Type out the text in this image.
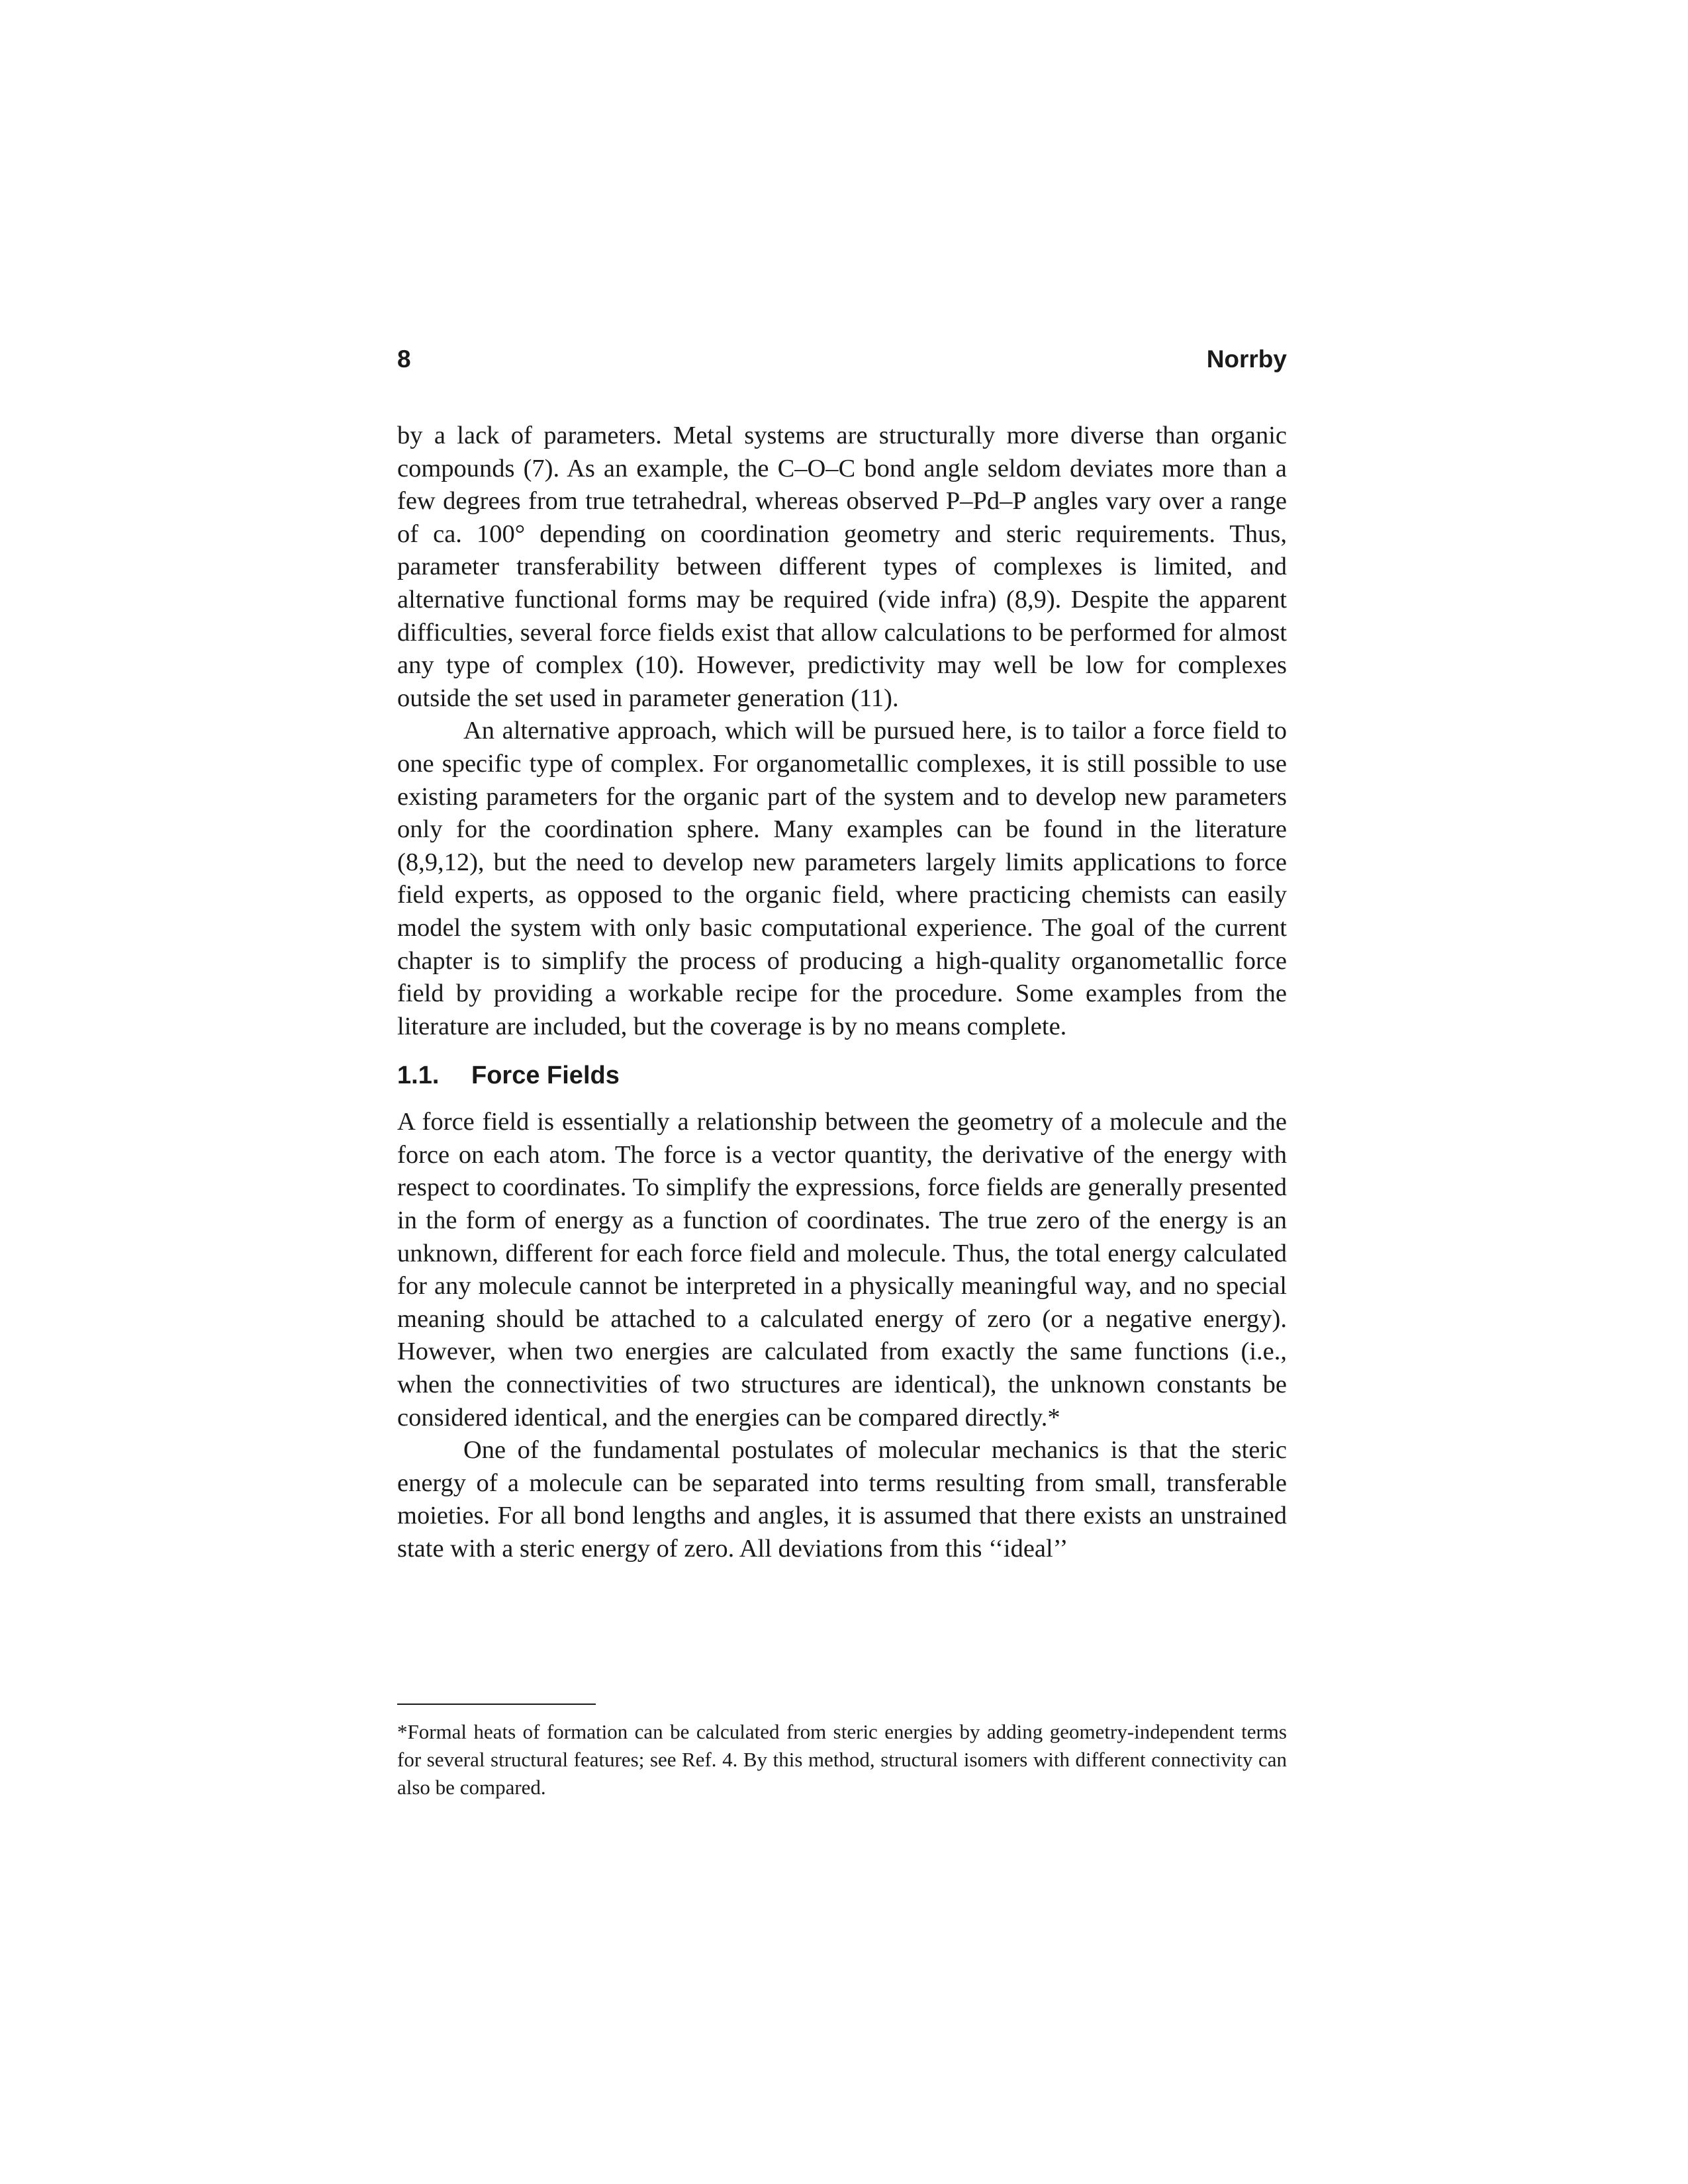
8	Norrby

by a lack of parameters. Metal systems are structurally more diverse than organic compounds (7). As an example, the C–O–C bond angle seldom deviates more than a few degrees from true tetrahedral, whereas observed P–Pd–P angles vary over a range of ca. 100° depending on coordination geometry and steric requirements. Thus, parameter transferability between different types of complexes is limited, and alternative functional forms may be required (vide infra) (8,9). Despite the apparent difficulties, several force fields exist that allow calculations to be performed for almost any type of complex (10). However, predictivity may well be low for complexes outside the set used in parameter generation (11).

An alternative approach, which will be pursued here, is to tailor a force field to one specific type of complex. For organometallic complexes, it is still possible to use existing parameters for the organic part of the system and to develop new parameters only for the coordination sphere. Many examples can be found in the literature (8,9,12), but the need to develop new parameters largely limits applications to force field experts, as opposed to the organic field, where practicing chemists can easily model the system with only basic computational experience. The goal of the current chapter is to simplify the process of producing a high-quality organometallic force field by providing a workable recipe for the procedure. Some examples from the literature are included, but the coverage is by no means complete.

1.1. Force Fields

A force field is essentially a relationship between the geometry of a molecule and the force on each atom. The force is a vector quantity, the derivative of the energy with respect to coordinates. To simplify the expressions, force fields are generally presented in the form of energy as a function of coordinates. The true zero of the energy is an unknown, different for each force field and molecule. Thus, the total energy calculated for any molecule cannot be interpreted in a physically meaningful way, and no special meaning should be attached to a calculated energy of zero (or a negative energy). However, when two energies are calculated from exactly the same functions (i.e., when the connectivities of two structures are identical), the unknown constants be considered identical, and the energies can be compared directly.*

One of the fundamental postulates of molecular mechanics is that the steric energy of a molecule can be separated into terms resulting from small, transferable moieties. For all bond lengths and angles, it is assumed that there exists an unstrained state with a steric energy of zero. All deviations from this ‘‘ideal’’

*Formal heats of formation can be calculated from steric energies by adding geometry-independent terms for several structural features; see Ref. 4. By this method, structural isomers with different connectivity can also be compared.
